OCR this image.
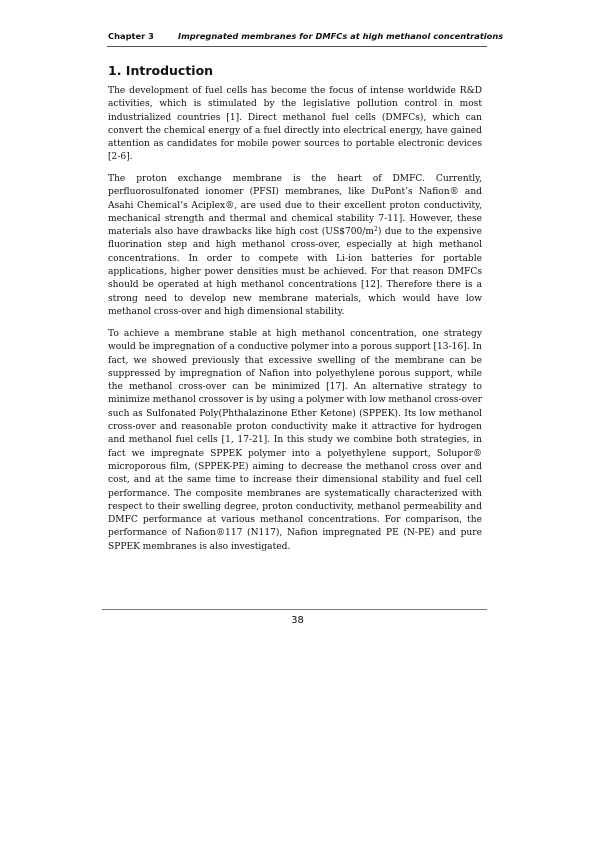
Chapter 3	Impregnated membranes for DMFCs at high methanol concentrations
1. Introduction

The development of fuel cells has become the focus of intense worldwide R&D activities, which is stimulated by the legislative pollution control in most industrialized countries [1]. Direct methanol fuel cells (DMFCs), which can convert the chemical energy of a fuel directly into electrical energy, have gained attention as candidates for mobile power sources to portable electronic devices [2-6].

The proton exchange membrane is the heart of DMFC. Currently, perfluorosulfonated ionomer (PFSI) membranes, like DuPont’s Nafion® and Asahi Chemical’s Aciplex®, are used due to their excellent proton conductivity, mechanical strength and thermal and chemical stability 7-11]. However, these materials also have drawbacks like high cost $(US\$700/m^2)$ due to the expensive fluorination step and high methanol cross-over, especially at high methanol concentrations. In order to compete with Li-ion batteries for portable applications, higher power densities must be achieved. For that reason DMFCs should be operated at high methanol concentrations [12]. Therefore there is a strong need to develop new membrane materials, which would have low methanol cross-over and high dimensional stability.

To achieve a membrane stable at high methanol concentration, one strategy would be impregnation of a conductive polymer into a porous support [13-16]. In fact, we showed previously that excessive swelling of the membrane can be suppressed by impregnation of Nafion into polyethylene porous support, while the methanol cross-over can be minimized [17]. An alternative strategy to minimize methanol crossover is by using a polymer with low methanol cross-over such as Sulfonated Poly(Phthalazinone Ether Ketone) (SPPEK). Its low methanol cross-over and reasonable proton conductivity make it attractive for hydrogen and methanol fuel cells [1, 17-21]. In this study we combine both strategies, in fact we impregnate SPPEK polymer into a polyethylene support, Solupor® microporous film, (SPPEK-PE) aiming to decrease the methanol cross over and cost, and at the same time to increase their dimensional stability and fuel cell performance. The composite membranes are systematically characterized with respect to their swelling degree, proton conductivity, methanol permeability and DMFC performance at various methanol concentrations. For comparison, the performance of Nafion®117 (N117), Nafion impregnated PE (N-PE) and pure SPPEK membranes is also investigated.

38
